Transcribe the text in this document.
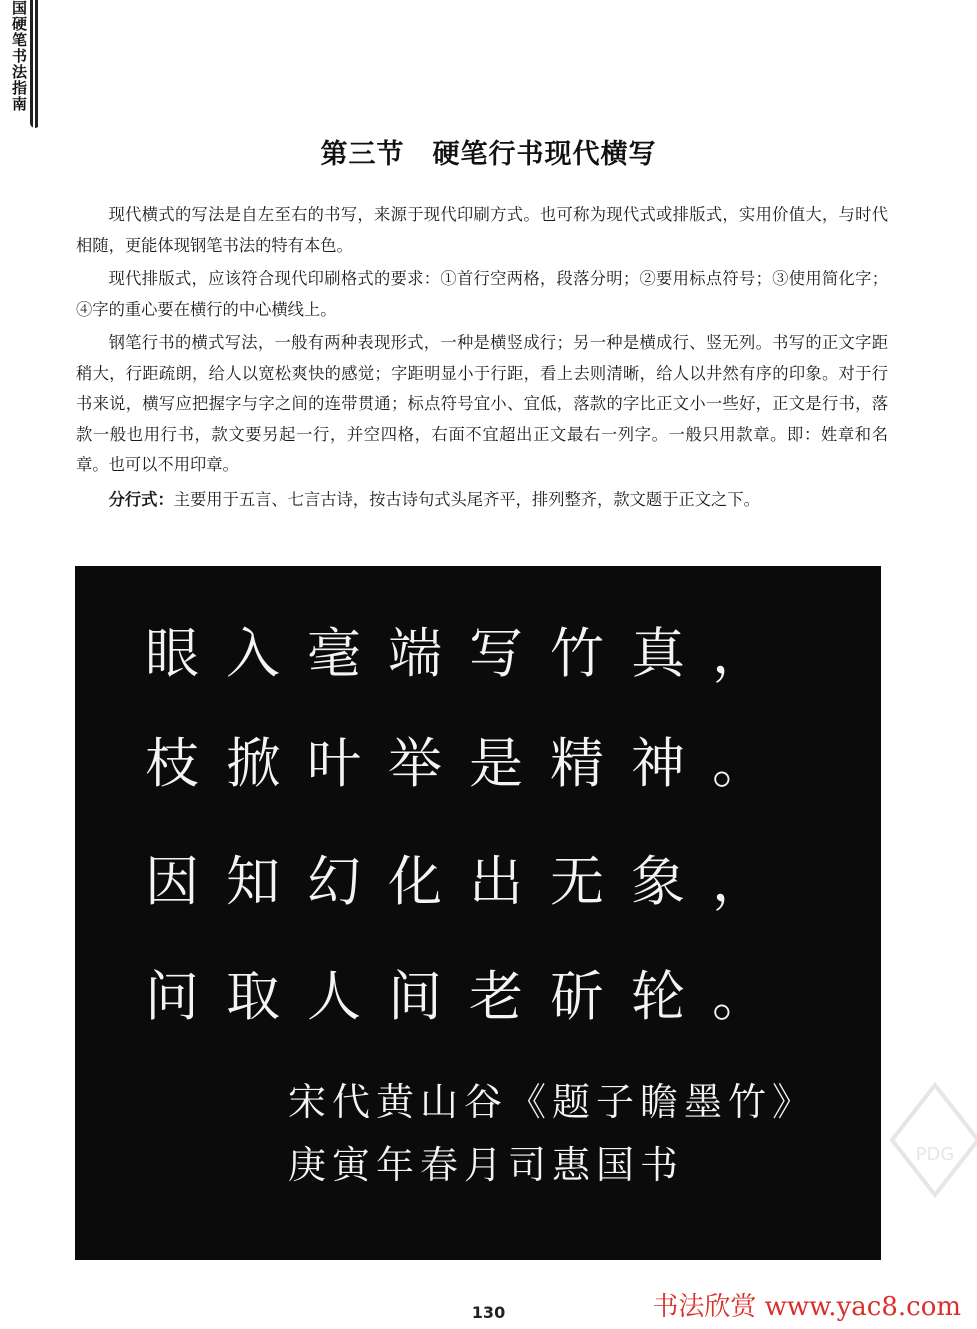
国硬笔书法指南
第三节　硬笔行书现代横写

现代横式的写法是自左至右的书写，来源于现代印刷方式。也可称为现代式或排版式，实用价值大，与时代相随，更能体现钢笔书法的特有本色。

现代排版式，应该符合现代印刷格式的要求：①首行空两格，段落分明；②要用标点符号；③使用简化字；④字的重心要在横行的中心横线上。

钢笔行书的横式写法，一般有两种表现形式，一种是横竖成行；另一种是横成行、竖无列。书写的正文字距稍大，行距疏朗，给人以宽松爽快的感觉；字距明显小于行距，看上去则清晰，给人以井然有序的印象。对于行书来说，横写应把握字与字之间的连带贯通；标点符号宜小、宜低，落款的字比正文小一些好，正文是行书，落款一般也用行书，款文要另起一行，并空四格，右面不宜超出正文最右一列字。一般只用款章。即：姓章和名章。也可以不用印章。

分行式：主要用于五言、七言古诗，按古诗句式头尾齐平，排列整齐，款文题于正文之下。

眼入毫端写竹真，
枝掀叶举是精神。
因知幻化出无象，
问取人间老斫轮。
宋代黄山谷《题子瞻墨竹》
庚寅年春月司惠国书	PDG
130	书法欣赏 www.yac8.com
